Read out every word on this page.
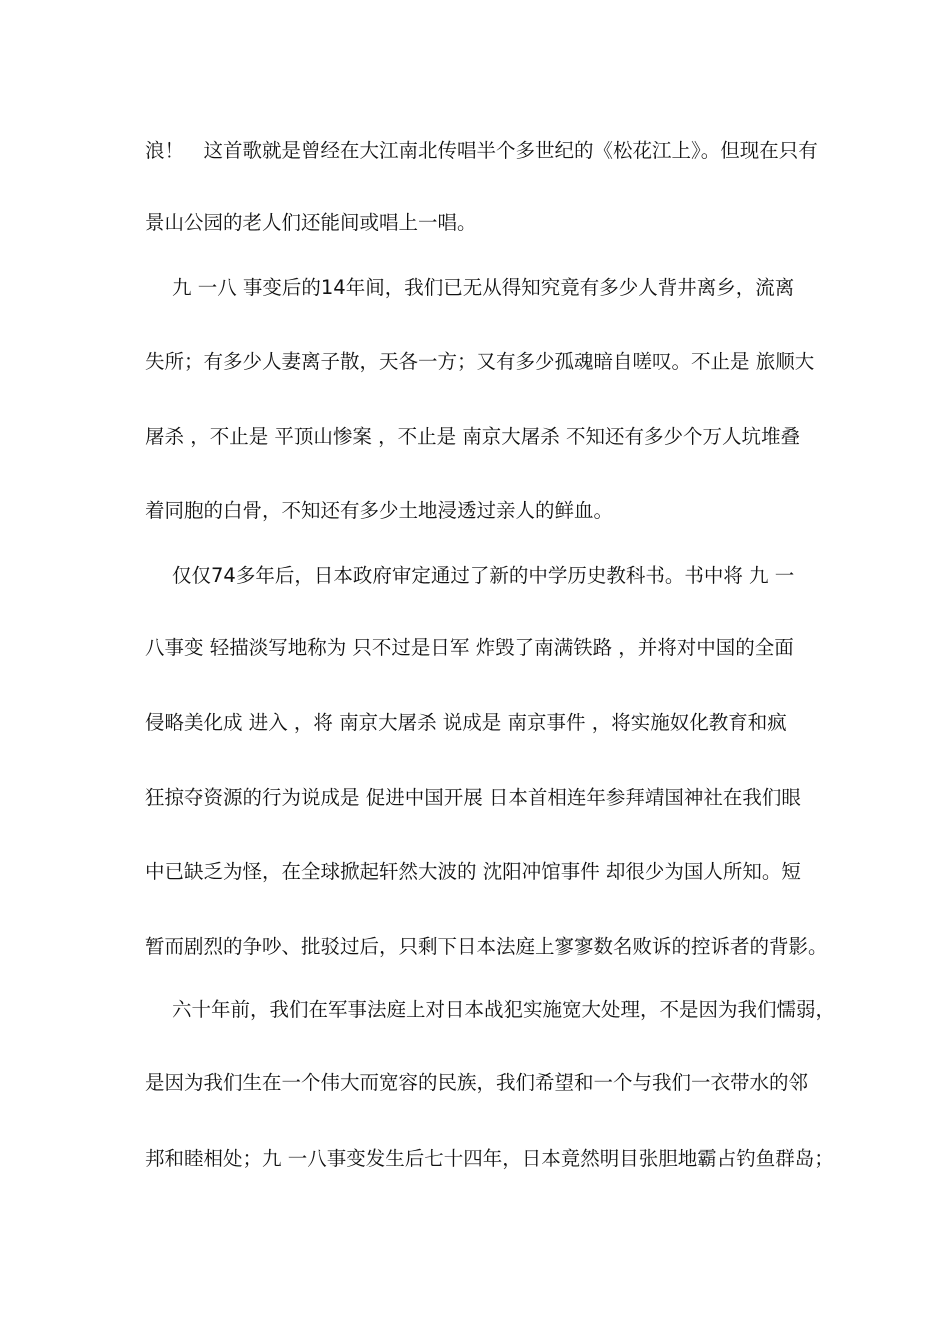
浪！　这首歌就是曾经在大江南北传唱半个多世纪的《松花江上》。但现在只有
景山公园的老人们还能间或唱上一唱。
九 一八 事变后的14年间，我们已无从得知究竟有多少人背井离乡，流离
失所；有多少人妻离子散，天各一方；又有多少孤魂暗自嗟叹。不止是 旅顺大
屠杀 ，不止是 平顶山惨案 ，不止是 南京大屠杀 不知还有多少个万人坑堆叠
着同胞的白骨，不知还有多少土地浸透过亲人的鲜血。
仅仅74多年后，日本政府审定通过了新的中学历史教科书。书中将 九 一
八事变 轻描淡写地称为 只不过是日军 炸毁了南满铁路 ，并将对中国的全面
侵略美化成 进入 ，将 南京大屠杀 说成是 南京事件 ，将实施奴化教育和疯
狂掠夺资源的行为说成是 促进中国开展 日本首相连年参拜靖国神社在我们眼
中已缺乏为怪，在全球掀起轩然大波的 沈阳冲馆事件 却很少为国人所知。短
暂而剧烈的争吵、批驳过后，只剩下日本法庭上寥寥数名败诉的控诉者的背影。
六十年前，我们在军事法庭上对日本战犯实施宽大处理，不是因为我们懦弱，
是因为我们生在一个伟大而宽容的民族，我们希望和一个与我们一衣带水的邻
邦和睦相处；九 一八事变发生后七十四年，日本竟然明目张胆地霸占钓鱼群岛；
